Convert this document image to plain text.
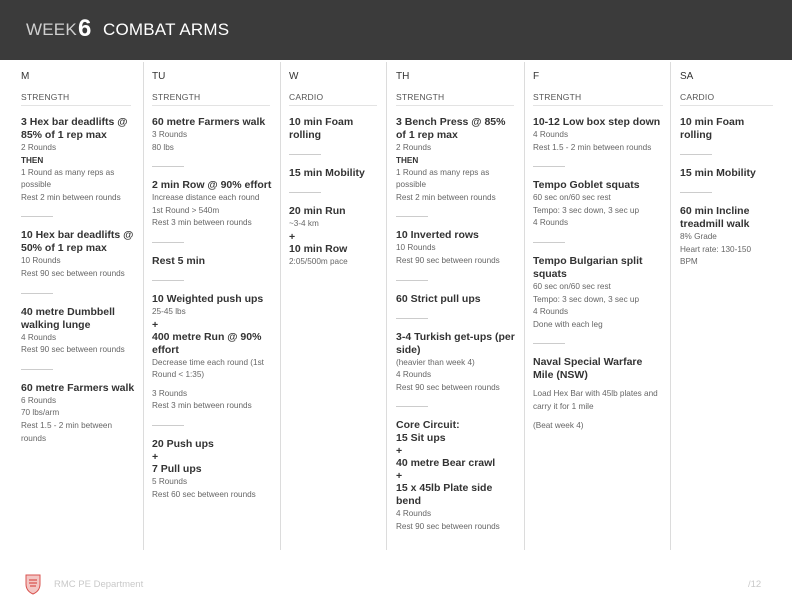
WEEK 6 COMBAT ARMS
M
STRENGTH
3 Hex bar deadlifts @ 85% of 1 rep max
2 Rounds
THEN
1 Round as many reps as possible
Rest 2 min between rounds
10 Hex bar deadlifts @ 50% of 1 rep max
10 Rounds
Rest 90 sec between rounds
40 metre Dumbbell walking lunge
4 Rounds
Rest 90 sec between rounds
60 metre Farmers walk
6 Rounds
70 lbs/arm
Rest 1.5 - 2 min between rounds
TU
STRENGTH
60 metre Farmers walk
3 Rounds
80 lbs
2 min Row @ 90% effort
Increase distance each round
1st Round > 540m
Rest 3 min between rounds
Rest 5 min
10 Weighted push ups
25-45 lbs
+
400 metre Run @ 90% effort
Decrease time each round (1st Round < 1:35)
3 Rounds
Rest 3 min between rounds
20 Push ups
+
7 Pull ups
5 Rounds
Rest 60 sec between rounds
W
CARDIO
10 min Foam rolling
15 min Mobility
20 min Run
~3-4 km
+
10 min Row
2:05/500m pace
TH
STRENGTH
3 Bench Press @ 85% of 1 rep max
2 Rounds
THEN
1 Round as many reps as possible
Rest 2 min between rounds
10 Inverted rows
10 Rounds
Rest 90 sec between rounds
60 Strict pull ups
3-4 Turkish get-ups (per side)
(heavier than week 4)
4 Rounds
Rest 90 sec between rounds
Core Circuit:
15 Sit ups
+
40 metre Bear crawl
+
15 x 45lb Plate side bend
4 Rounds
Rest 90 sec between rounds
F
STRENGTH
10-12 Low box step down
4 Rounds
Rest 1.5 - 2 min between rounds
Tempo Goblet squats
60 sec on/60 sec rest
Tempo: 3 sec down, 3 sec up
4 Rounds
Tempo Bulgarian split squats
60 sec on/60 sec rest
Tempo: 3 sec down, 3 sec up
4 Rounds
Done with each leg
Naval Special Warfare Mile (NSW)
Load Hex Bar with 45lb plates and carry it for 1 mile
(Beat week 4)
SA
CARDIO
10 min Foam rolling
15 min Mobility
60 min Incline treadmill walk
8% Grade
Heart rate: 130-150 BPM
RMC PE Department	/12
